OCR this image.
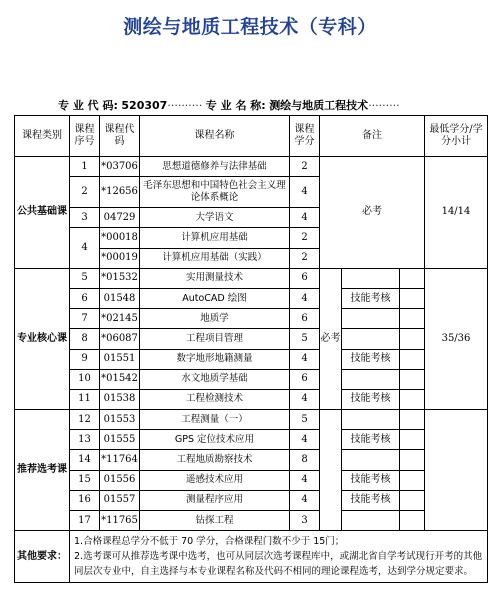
测绘与地质工程技术（专科）
专 业 代 码: 520307·········· 专 业 名 称: 测绘与地质工程技术·········
课程类别	课程序号	课程代码	课程名称	课程学分	备注			最低学分/学分小计
公共基础课	1	*03706	思想道德修养与法律基础	2	必考			14/14
	2	*12656	毛泽东思想和中国特色社会主义理论体系概论	4				
	3	04729	大学语文	4				
	4	*00018	计算机应用基础	2				
		*00019	计算机应用基础（实践）	2				
专业核心课	5	*01532	实用测量技术	6	必考			35/36
	6	01548	AutoCAD 绘图	4		技能考核		
	7	*02145	地质学	6				
	8	*06087	工程项目管理	5				
	9	01551	数字地形地籍测量	4		技能考核		
	10	*01542	水文地质学基础	6				
	11	01538	工程检测技术	4		技能考核		
推荐选考课	12	01553	工程测量（一）	5				
	13	01555	GPS 定位技术应用	4		技能考核		
	14	*11764	工程地质勘察技术	8				
	15	01556	遥感技术应用	4		技能考核		
	16	01557	测量程序应用	4		技能考核		
	17	*11765	钻探工程	3				
其他要求：	1.合格课程总学分不低于 70 学分，合格课程门数不少于 15门；
2.选考课可从推荐选考课中选考，也可从同层次选考课程库中，或湖北省自学考试现行开考的其他同层次专业中，自主选择与本专业课程名称及代码不相同的理论课程选考，达到学分规定要求。							
